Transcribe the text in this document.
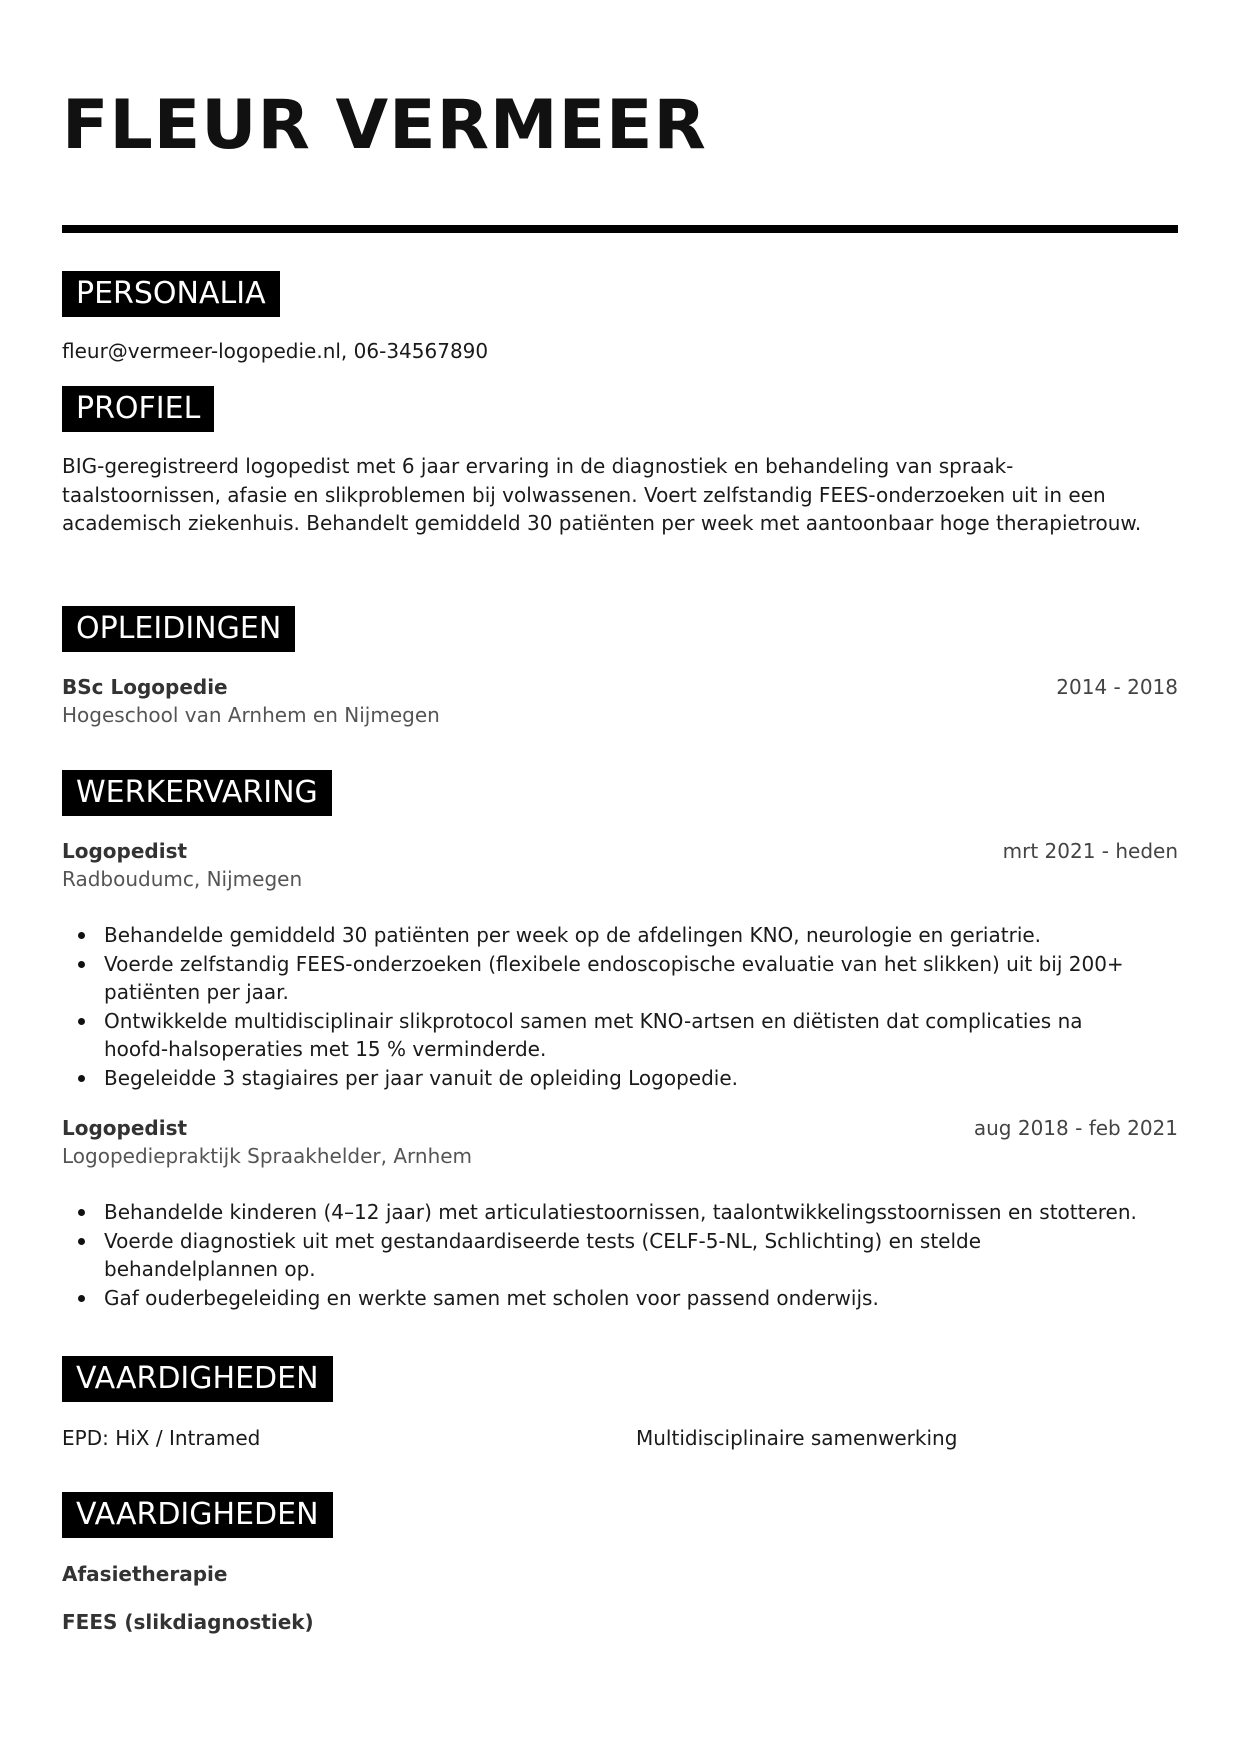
FLEUR VERMEER
PERSONALIA
fleur@vermeer-logopedie.nl, 06-34567890
PROFIEL

BIG-geregistreerd logopedist met 6 jaar ervaring in de diagnostiek en behandeling van spraak-taalstoornissen, afasie en slikproblemen bij volwassenen. Voert zelfstandig FEES-onderzoeken uit in een academisch ziekenhuis. Behandelt gemiddeld 30 patiënten per week met aantoonbaar hoge therapietrouw.

OPLEIDINGEN
BSc Logopedie	2014 - 2018
Hogeschool van Arnhem en Nijmegen
WERKERVARING
Logopedist	mrt 2021 - heden
Radboudumc, Nijmegen
Behandelde gemiddeld 30 patiënten per week op de afdelingen KNO, neurologie en geriatrie.
Voerde zelfstandig FEES-onderzoeken (flexibele endoscopische evaluatie van het slikken) uit bij 200+ patiënten per jaar.
Ontwikkelde multidisciplinair slikprotocol samen met KNO-artsen en diëtisten dat complicaties na hoofd-halsoperaties met 15 % verminderde.
Begeleidde 3 stagiaires per jaar vanuit de opleiding Logopedie.
Logopedist	aug 2018 - feb 2021
Logopediepraktijk Spraakhelder, Arnhem
Behandelde kinderen (4–12 jaar) met articulatiestoornissen, taalontwikkelingsstoornissen en stotteren.
Voerde diagnostiek uit met gestandaardiseerde tests (CELF-5-NL, Schlichting) en stelde behandelplannen op.
Gaf ouderbegeleiding en werkte samen met scholen voor passend onderwijs.
VAARDIGHEDEN
EPD: HiX / Intramed	Multidisciplinaire samenwerking
VAARDIGHEDEN
Afasietherapie
FEES (slikdiagnostiek)
